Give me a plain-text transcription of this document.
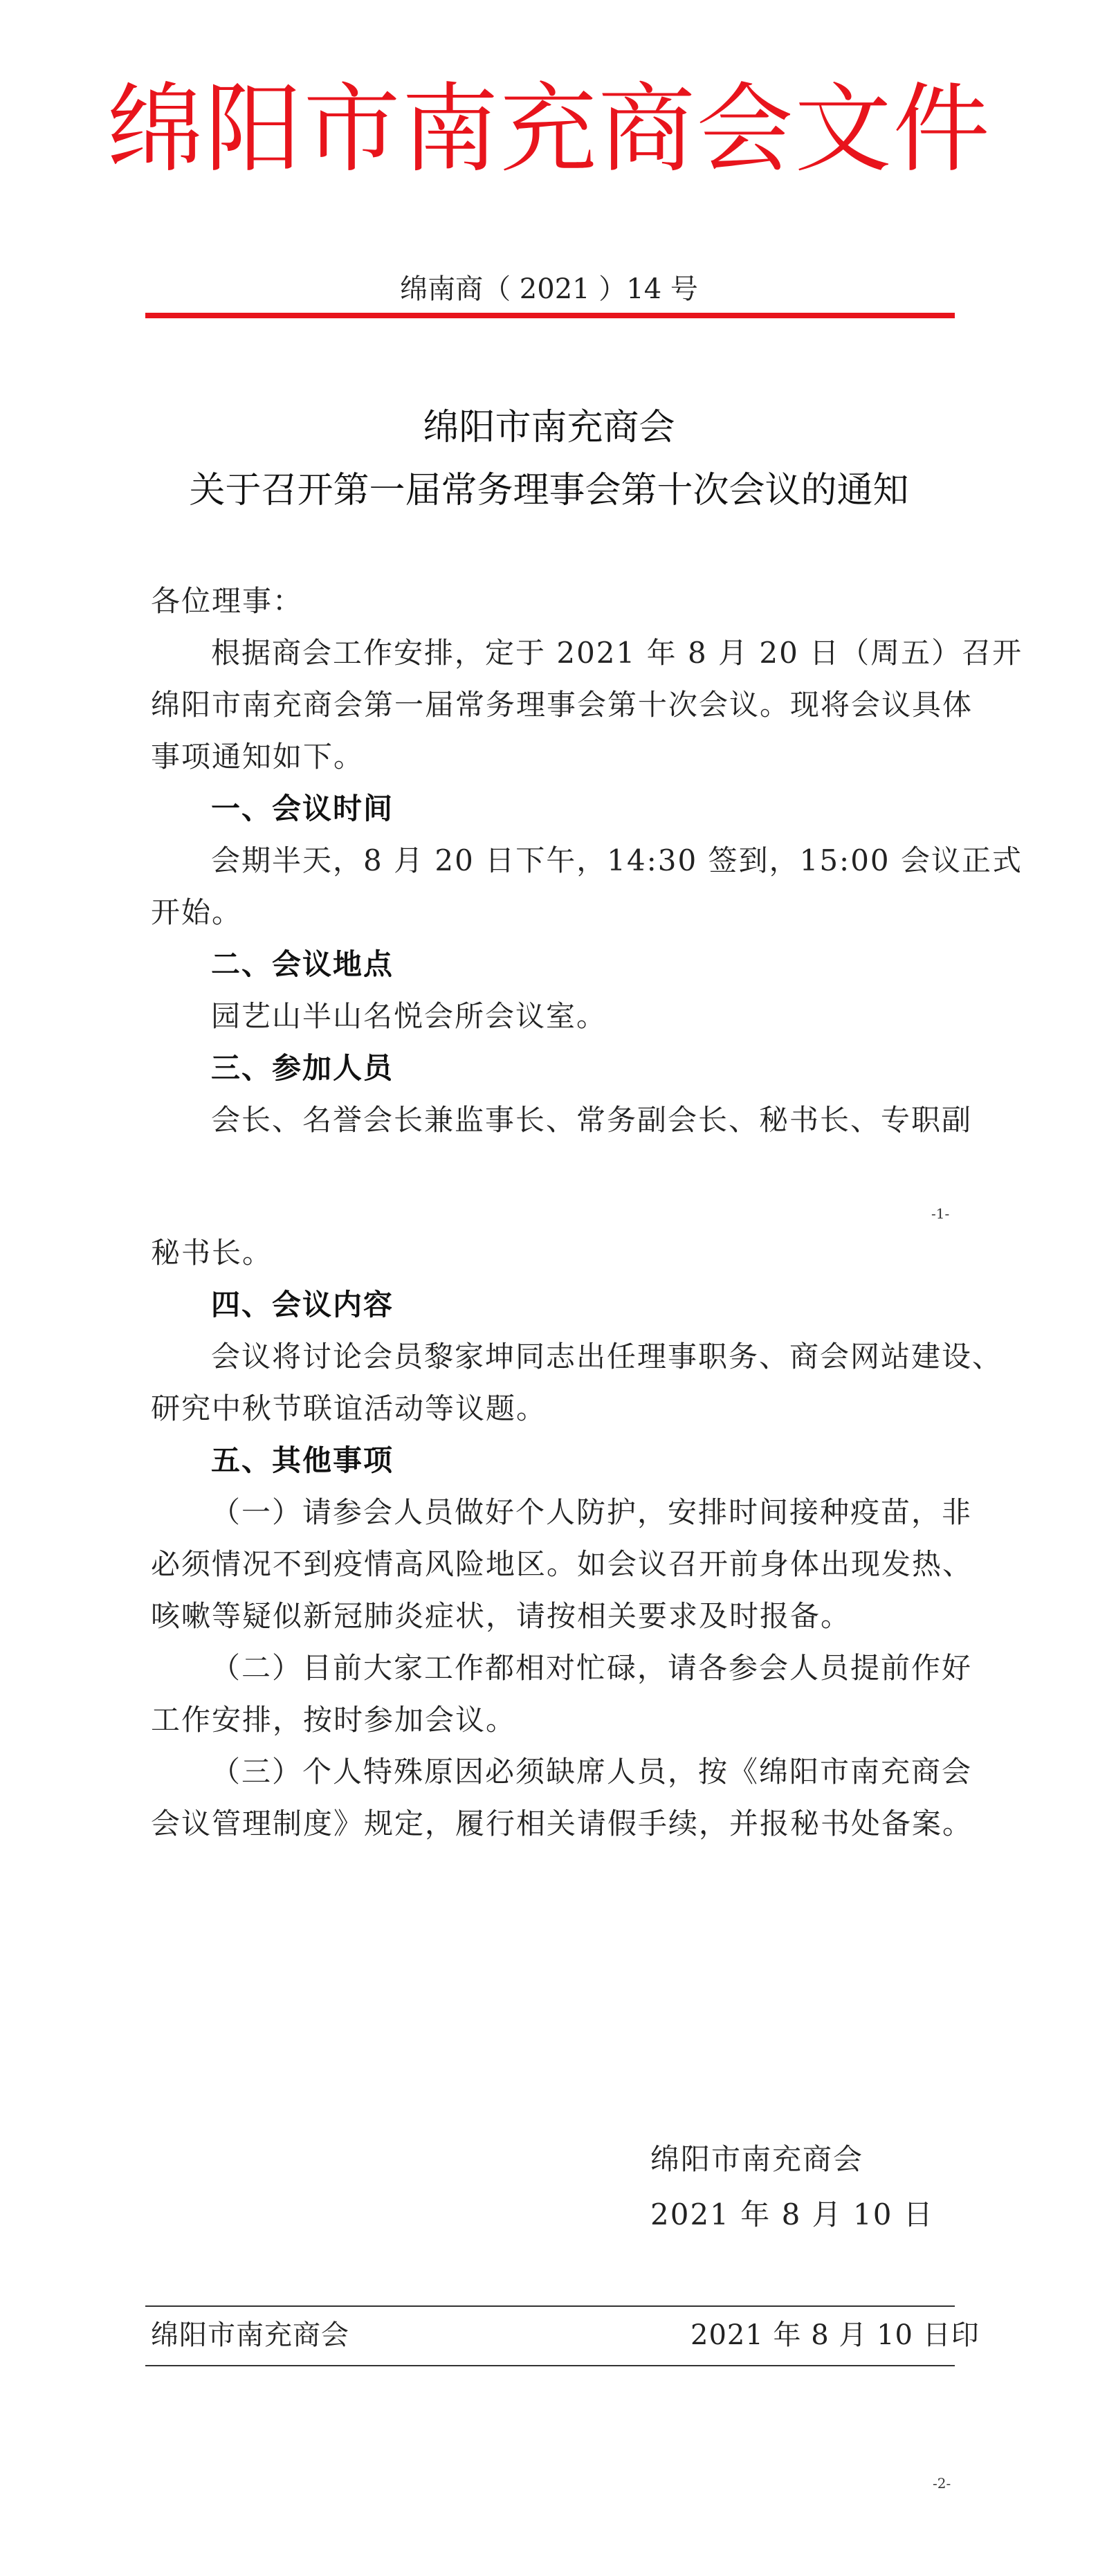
绵阳市南充商会文件
绵南商（ 2021 ）14 号
绵阳市南充商会
关于召开第一届常务理事会第十次会议的通知
各位理事：
根据商会工作安排，定于 2021 年 8 月 20 日（周五）召开
绵阳市南充商会第一届常务理事会第十次会议。现将会议具体
事项通知如下。
一、会议时间
会期半天，8 月 20 日下午，14:30 签到，15:00 会议正式
开始。
二、会议地点
园艺山半山名悦会所会议室。
三、参加人员
会长、名誉会长兼监事长、常务副会长、秘书长、专职副
-1-
秘书长。
四、会议内容
会议将讨论会员黎家坤同志出任理事职务、商会网站建设、
研究中秋节联谊活动等议题。
五、其他事项
（一）请参会人员做好个人防护，安排时间接种疫苗，非
必须情况不到疫情高风险地区。如会议召开前身体出现发热、
咳嗽等疑似新冠肺炎症状，请按相关要求及时报备。
（二）目前大家工作都相对忙碌，请各参会人员提前作好
工作安排，按时参加会议。
（三）个人特殊原因必须缺席人员，按《绵阳市南充商会
会议管理制度》规定，履行相关请假手续，并报秘书处备案。
绵阳市南充商会
2021 年 8 月 10 日
绵阳市南充商会	2021 年 8 月 10 日印
-2-
